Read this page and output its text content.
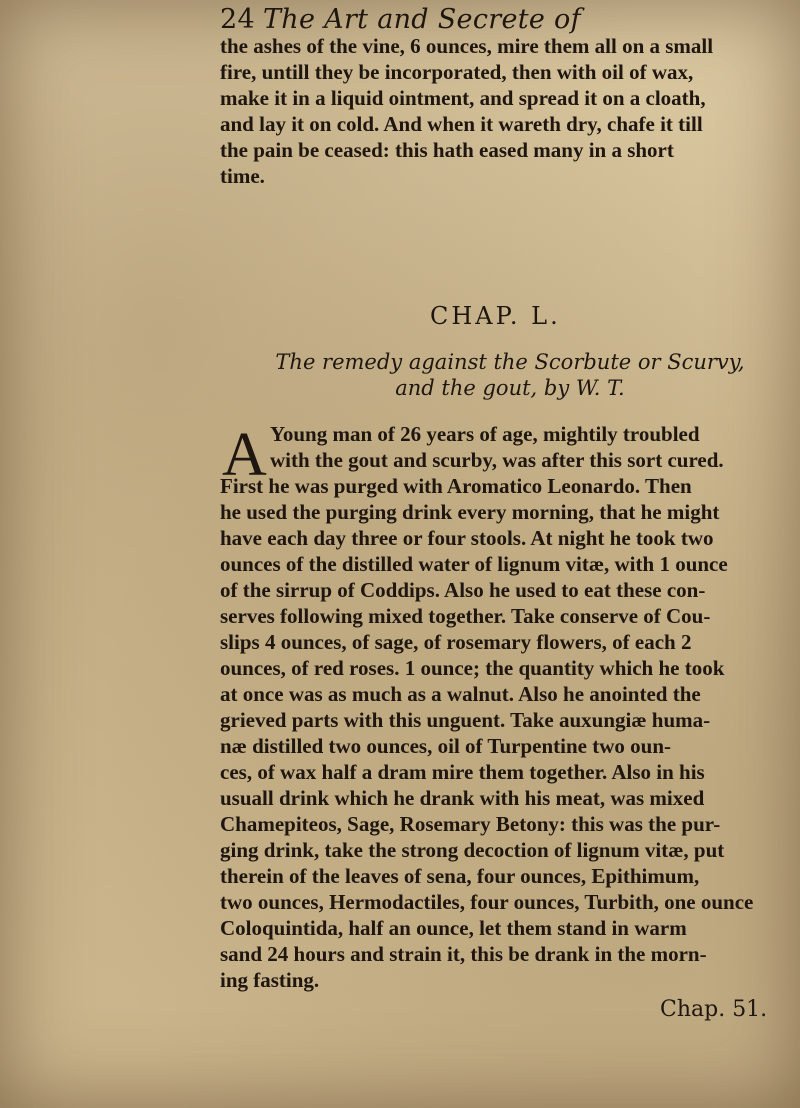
24 The Art and Secrete of
the ashes of the vine, 6 ounces, mire them all on a small
fire, untill they be incorporated, then with oil of wax,
make it in a liquid ointment, and spread it on a cloath,
and lay it on cold. And when it wareth dry, chafe it till
the pain be ceased: this hath eased many in a short
time.
CHAP. L.
The remedy against the Scorbute or Scurvy,
and the gout, by W. T.
A Young man of 26 years of age, mightily troubled
with the gout and scurby, was after this sort cured.
First he was purged with Aromatico Leonardo. Then
he used the purging drink every morning, that he might
have each day three or four stools. At night he took two
ounces of the distilled water of lignum vitæ, with 1 ounce
of the sirrup of Coddips. Also he used to eat these con-
serves following mixed together. Take conserve of Cou-
slips 4 ounces, of sage, of rosemary flowers, of each 2
ounces, of red roses. 1 ounce; the quantity which he took
at once was as much as a walnut. Also he anointed the
grieved parts with this unguent. Take auxungiæ huma-
næ distilled two ounces, oil of Turpentine two oun-
ces, of wax half a dram mire them together. Also in his
usuall drink which he drank with his meat, was mixed
Chamepiteos, Sage, Rosemary Betony: this was the pur-
ging drink, take the strong decoction of lignum vitæ, put
therein of the leaves of sena, four ounces, Epithimum,
two ounces, Hermodactiles, four ounces, Turbith, one ounce
Coloquintida, half an ounce, let them stand in warm
sand 24 hours and strain it, this be drank in the morn-
ing fasting.
Chap. 51.
